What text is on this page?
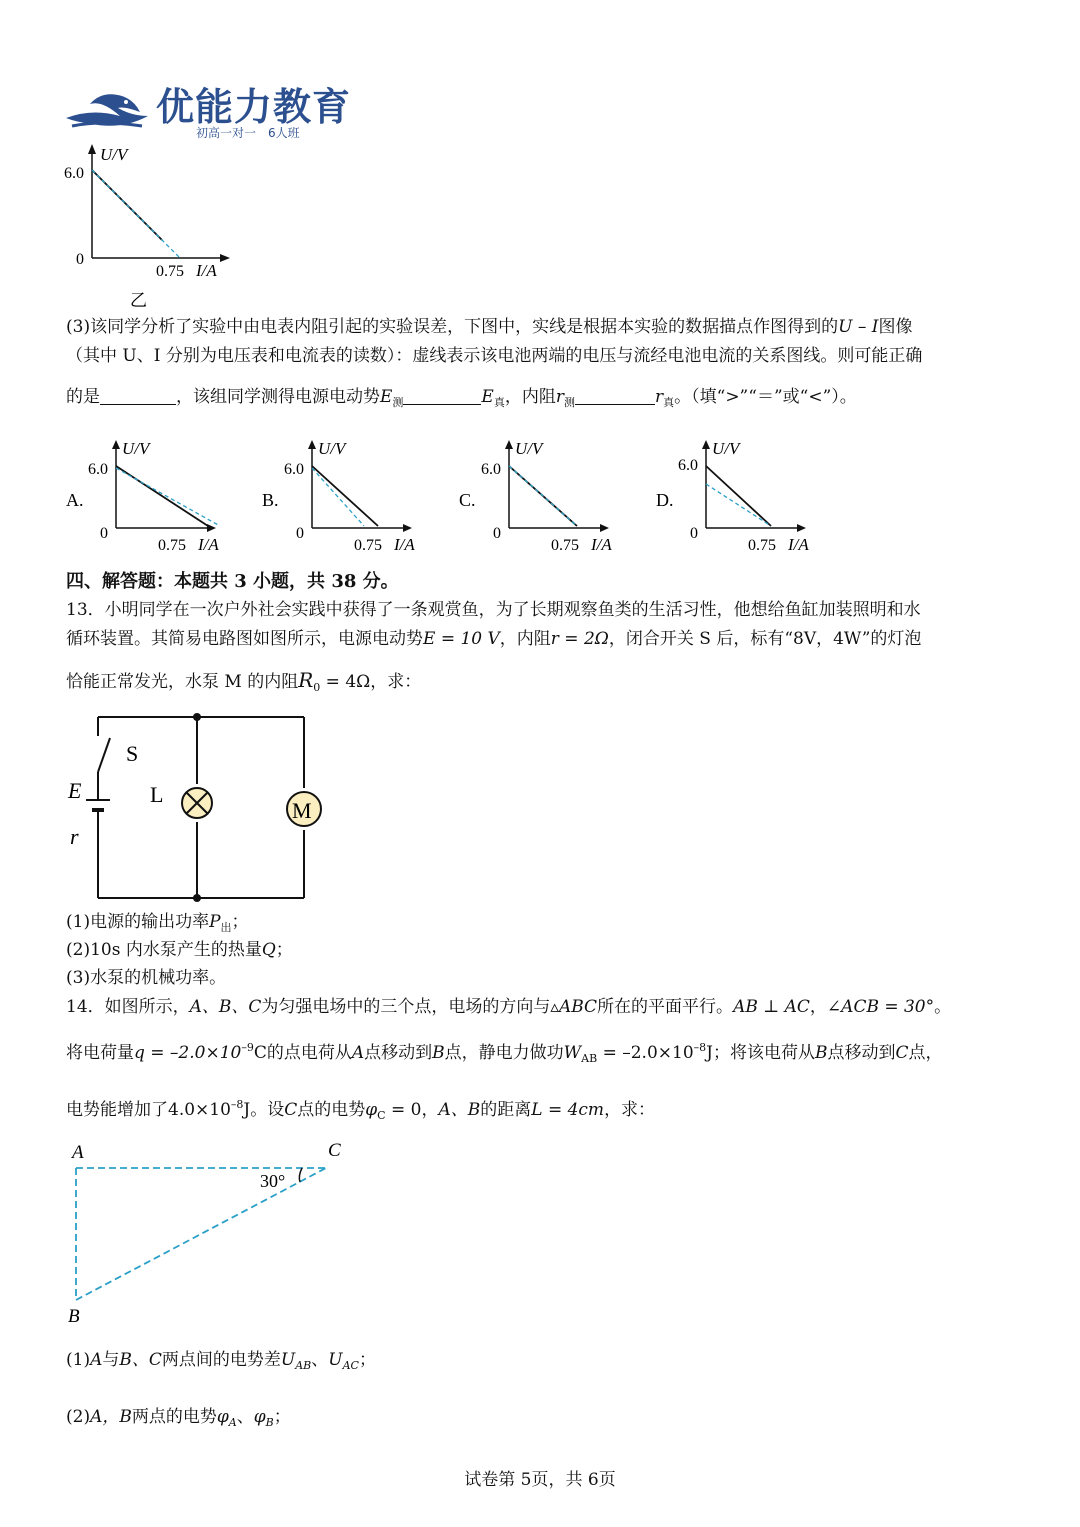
优能力教育
初高一对一　6人班
U/V
6.0
0
0.75 I/A
乙
(3)该同学分析了实验中由电表内阻引起的实验误差，下图中，实线是根据本实验的数据描点作图得到的U – I图像
（其中 U、I 分别为电压表和电流表的读数）：虚线表示该电池两端的电压与流经电池电流的关系图线。则可能正确
的是	，该组同学测得电源电动势$E_测$	$E_真$，内阻$r_测$	$r_真$。（填“>”“＝”或“<”）。
A.
U/V
6.0
0
0.75 I/A
B.
U/V
6.0
0
0.75 I/A
C.
U/V
6.0
0
0.75 I/A
D.
U/V
6.0
0
0.75 I/A
四、解答题：本题共 3 小题，共 38 分。
13．小明同学在一次户外社会实践中获得了一条观赏鱼，为了长期观察鱼类的生活习性，他想给鱼缸加装照明和水
循环装置。其简易电路图如图所示，电源电动势E = 10 V，内阻r = 2Ω，闭合开关 S 后，标有“8V，4W”的灯泡
恰能正常发光，水泵 M 的内阻$R_0 = 4\Omega$，求：
M
S
E
r
L
(1)电源的输出功率$P_出$；
(2)10s 内水泵产生的热量Q；
(3)水泵的机械功率。
14．如图所示，A、B、C为匀强电场中的三个点，电场的方向与▵ABC所在的平面平行。AB ⊥ AC，∠ACB = 30°。
将电荷量$q = -2.0\times 10^{-9}C$的点电荷从A点移动到B点，静电力做功$W_{AB} = -2.0\times 10^{-8}J$；将该电荷从B点移动到C点，
电势能增加了$4.0\times 10^{-8}J$。设C点的电势$\varphi_C = 0$，A、B的距离L = 4cm，求：
A	C
B
30°
(1)A与B、C两点间的电势差$U_{AB}$、$U_{AC}$；
(2)A，B两点的电势$\varphi_A$、$\varphi_B$；
试卷第 5页，共 6页
